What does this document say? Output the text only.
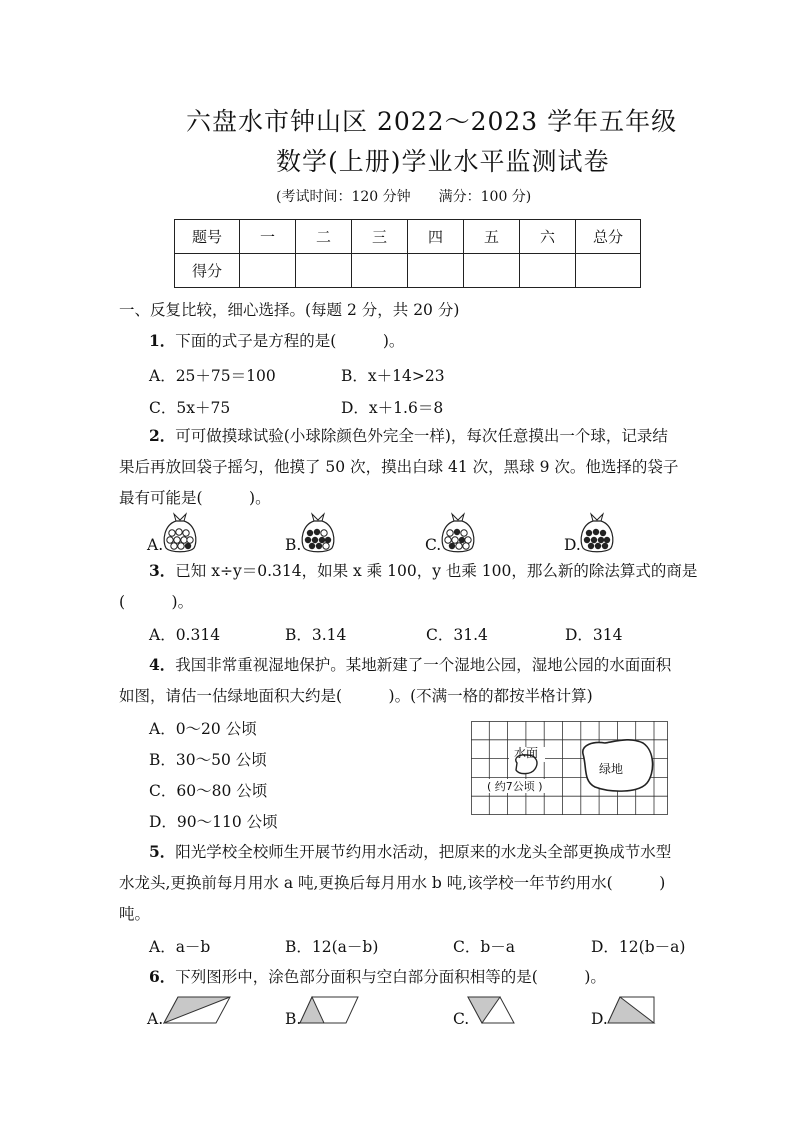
六盘水市钟山区 2022～2023 学年五年级
数学(上册)学业水平监测试卷
(考试时间：120 分钟　　满分：100 分)
题号	一	二	三	四	五	六	总分
得分							
一、反复比较，细心选择。(每题 2 分，共 20 分)
1．下面的式子是方程的是(　　　)。
A．25＋75＝100	B．x＋14>23
C．5x＋75	D．x＋1.6＝8
2．可可做摸球试验(小球除颜色外完全一样)，每次任意摸出一个球，记录结
果后再放回袋子摇匀，他摸了 50 次，摸出白球 41 次，黑球 9 次。他选择的袋子
最有可能是(　　　)。
A.	B.	C.	D.
3．已知 x÷y＝0.314，如果 x 乘 100，y 也乘 100，那么新的除法算式的商是
(　　　)。
A．0.314	B．3.14	C．31.4	D．314
4．我国非常重视湿地保护。某地新建了一个湿地公园，湿地公园的水面面积
如图，请估一估绿地面积大约是(　　　)。(不满一格的都按半格计算)
A．0～20 公顷
B．30～50 公顷
C．60～80 公顷
D．90～110 公顷
水面
( 约7公顷 )
绿地
5．阳光学校全校师生开展节约用水活动，把原来的水龙头全部更换成节水型
水龙头,更换前每月用水 a 吨,更换后每月用水 b 吨,该学校一年节约用水(　　　)
吨。
A．a－b	B．12(a－b)	C．b－a	D．12(b－a)
6．下列图形中，涂色部分面积与空白部分面积相等的是(　　　)。
A.	B.	C.	D.
